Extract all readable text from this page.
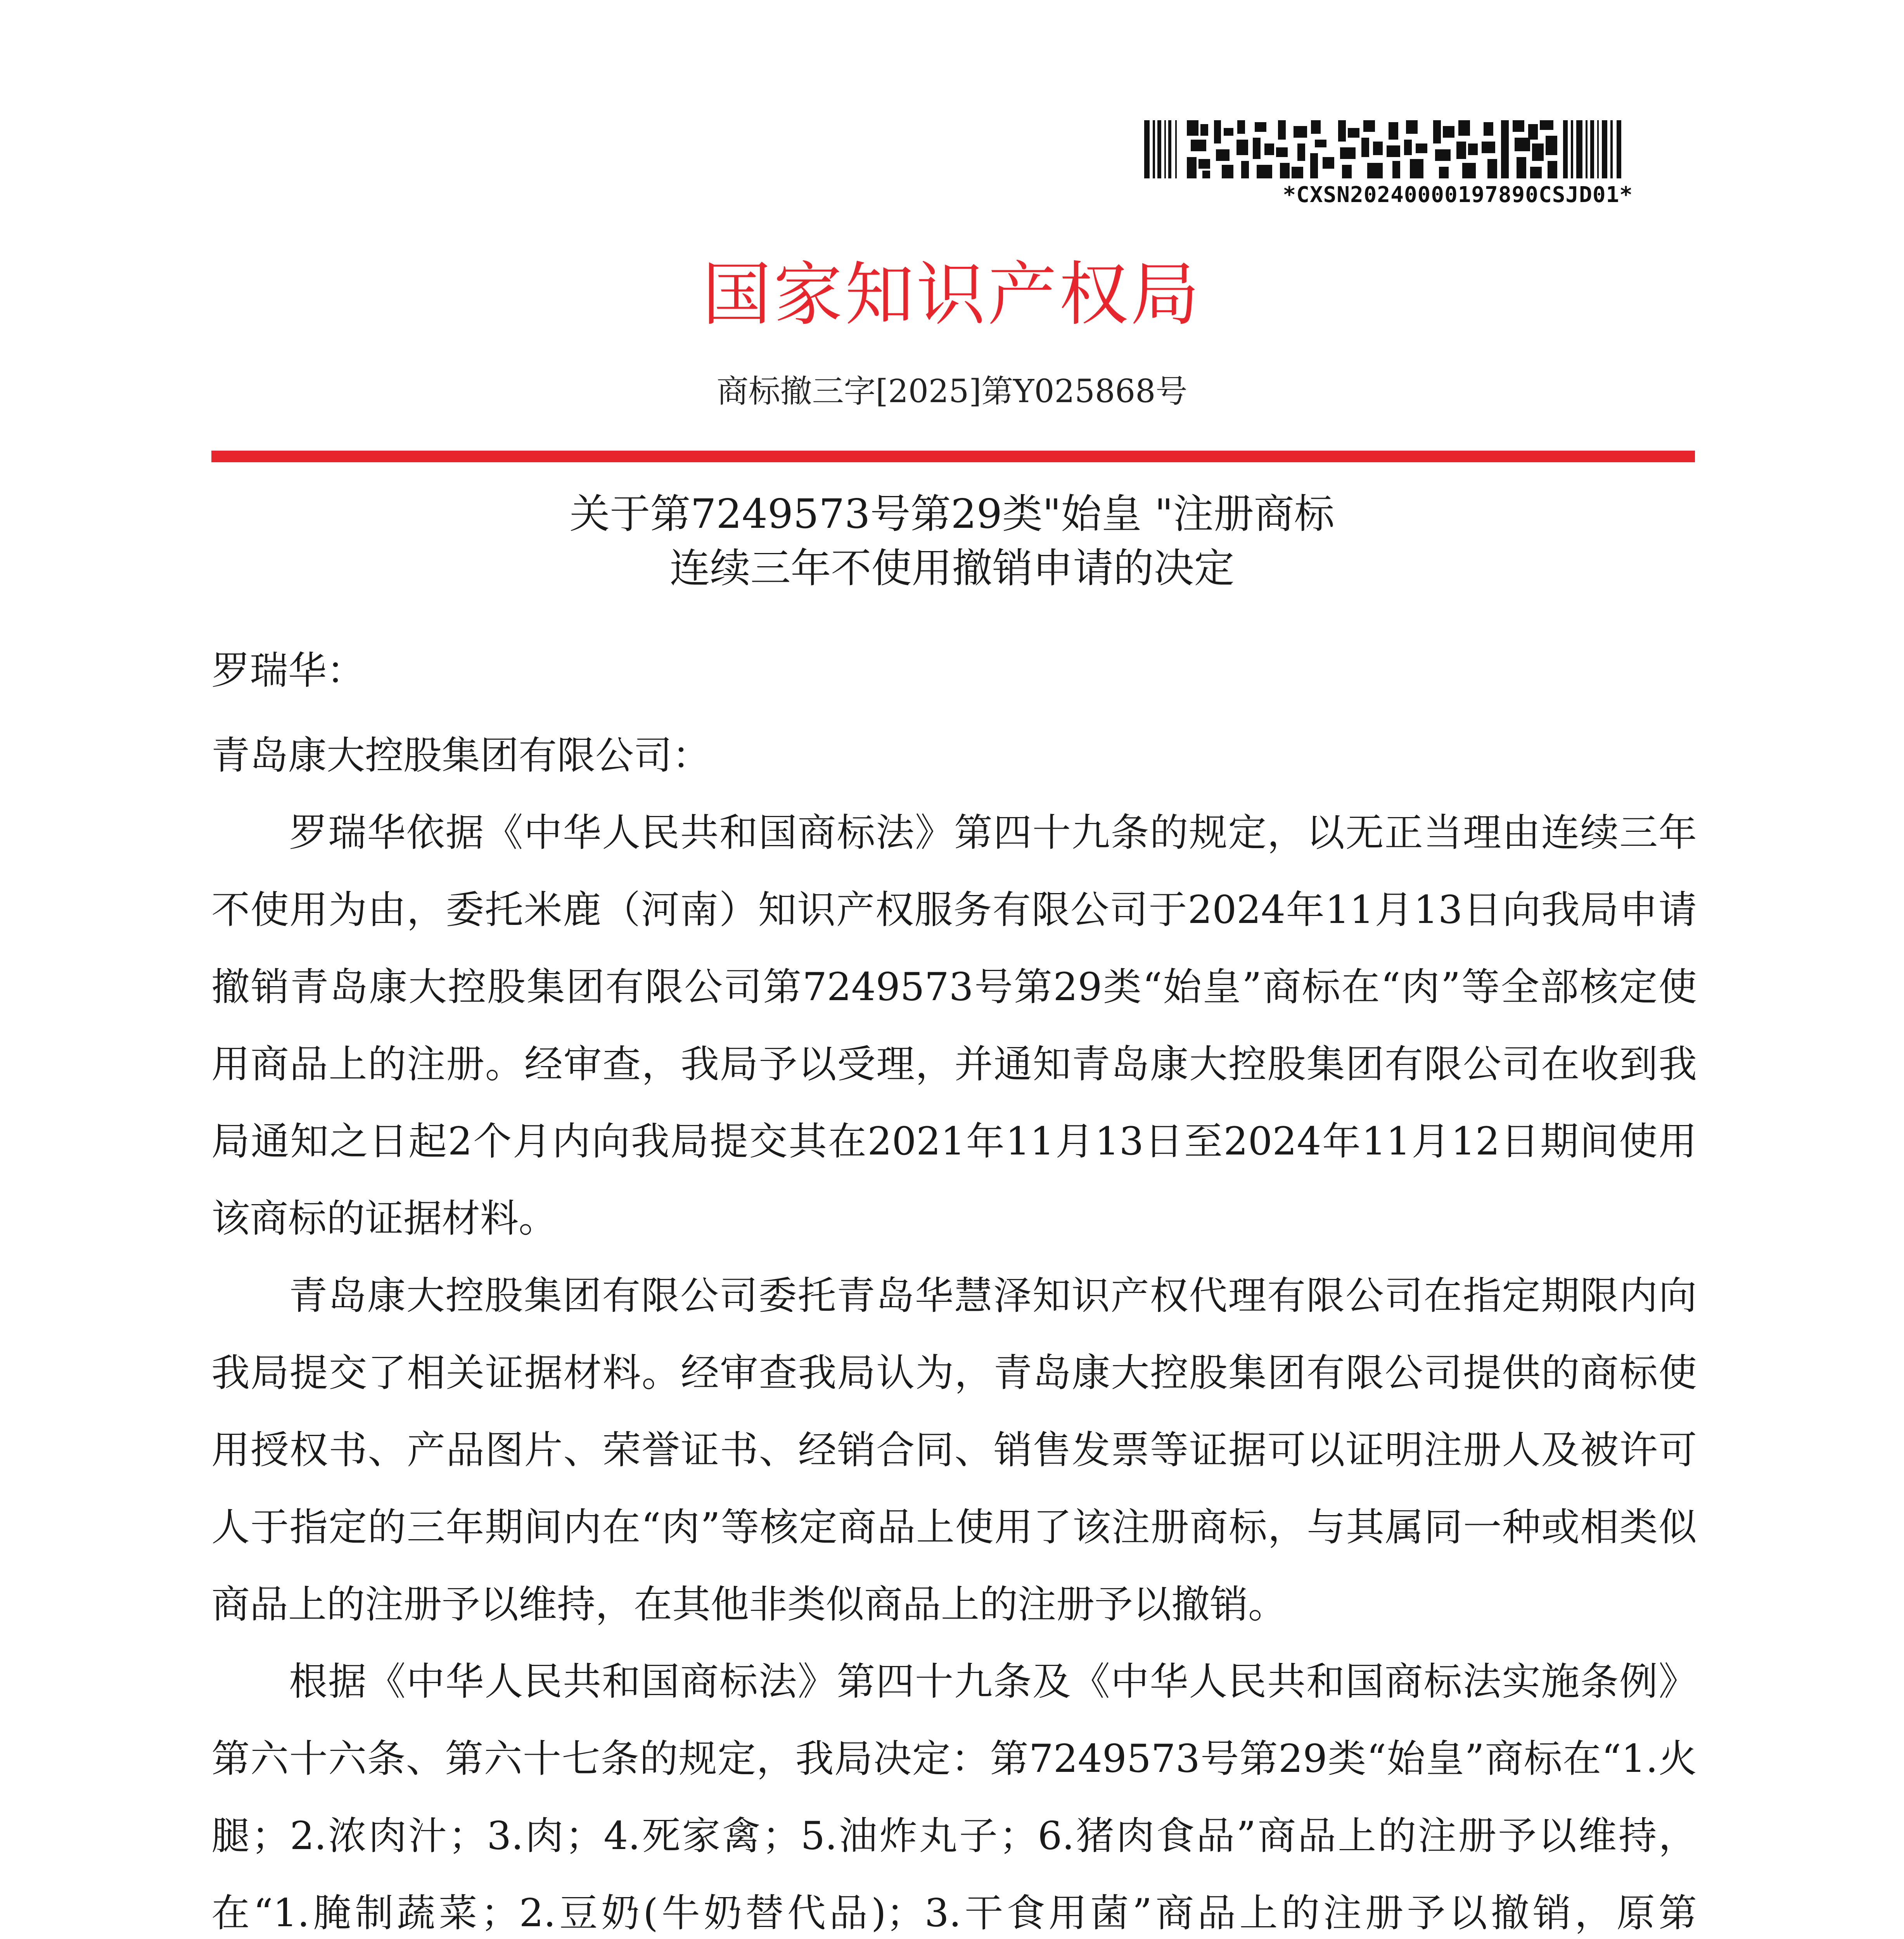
*CXSN20240000197890CSJD01*
国家知识产权局
商标撤三字[2025]第Y025868号
关于第7249573号第29类"始皇 "注册商标
连续三年不使用撤销申请的决定

罗瑞华：

青岛康大控股集团有限公司：

罗瑞华依据《中华人民共和国商标法》第四十九条的规定，以无正当理由连续三年不使用为由，委托米鹿（河南）知识产权服务有限公司于2024年11月13日向我局申请撤销青岛康大控股集团有限公司第7249573号第29类“始皇”商标在“肉”等全部核定使用商品上的注册。经审查，我局予以受理，并通知青岛康大控股集团有限公司在收到我局通知之日起2个月内向我局提交其在2021年11月13日至2024年11月12日期间使用该商标的证据材料。

青岛康大控股集团有限公司委托青岛华慧泽知识产权代理有限公司在指定期限内向我局提交了相关证据材料。经审查我局认为，青岛康大控股集团有限公司提供的商标使用授权书、产品图片、荣誉证书、经销合同、销售发票等证据可以证明注册人及被许可人于指定的三年期间内在“肉”等核定商品上使用了该注册商标，与其属同一种或相类似商品上的注册予以维持，在其他非类似商品上的注册予以撤销。

根据《中华人民共和国商标法》第四十九条及《中华人民共和国商标法实施条例》第六十六条、第六十七条的规定，我局决定：第7249573号第29类“始皇”商标在“1.火腿；2.浓肉汁；3.肉；4.死家禽；5.油炸丸子；6.猪肉食品”商品上的注册予以维持，在“1.腌制蔬菜；2.豆奶(牛奶替代品)；3.干食用菌”商品上的注册予以撤销，原第
